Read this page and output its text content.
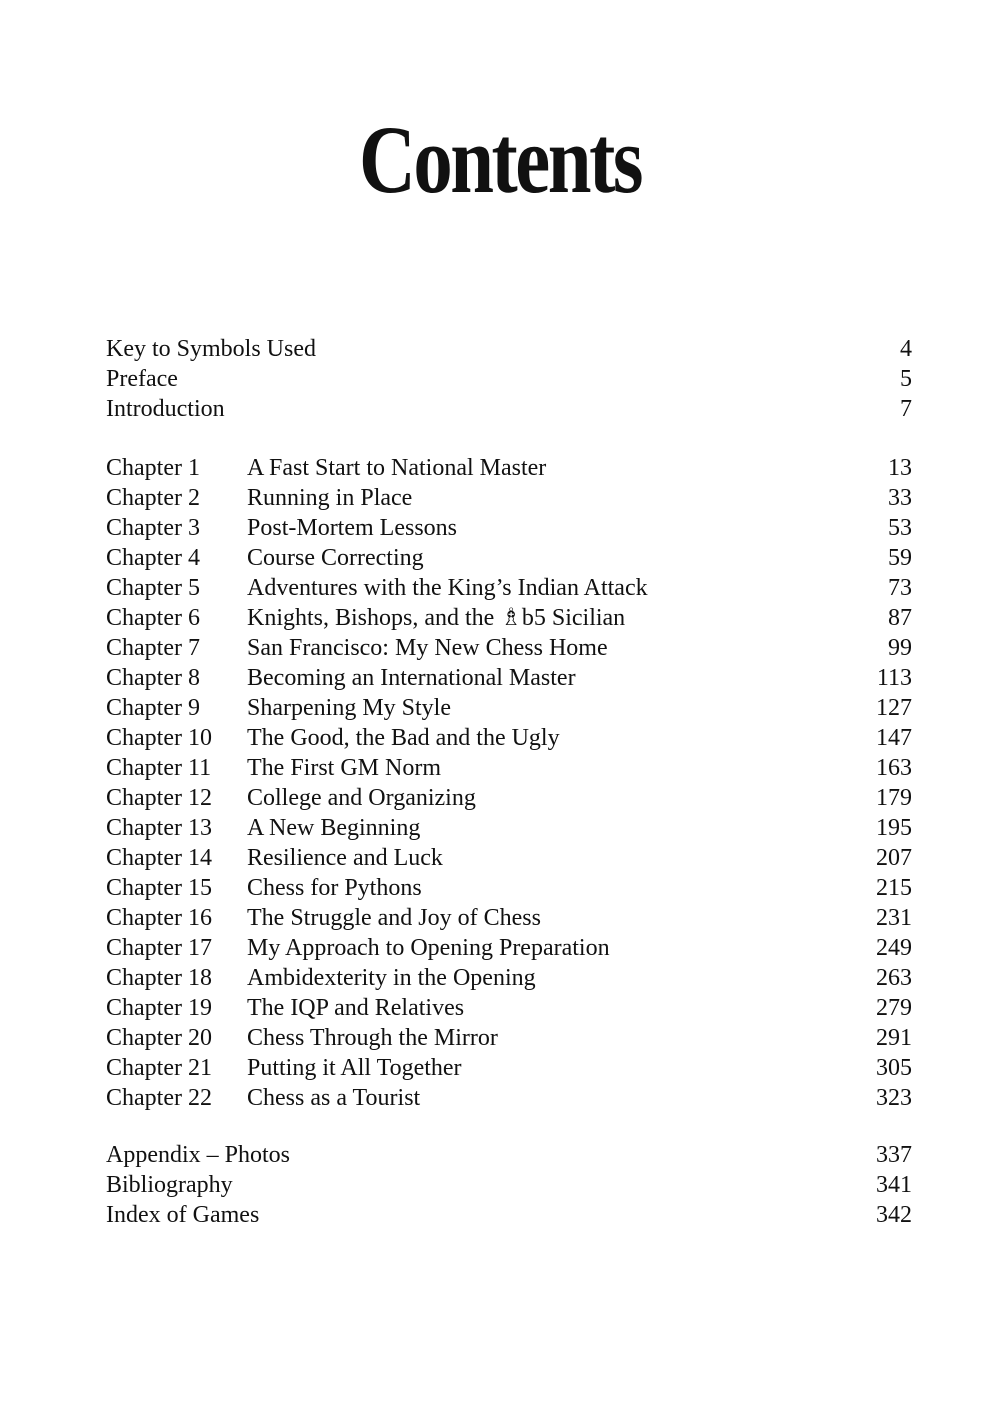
Contents
Key to Symbols Used	4
Preface	5
Introduction	7
Chapter 1 A Fast Start to National Master	13
Chapter 2 Running in Place	33
Chapter 3 Post-Mortem Lessons	53
Chapter 4 Course Correcting	59
Chapter 5 Adventures with the King’s Indian Attack	73
Chapter 6 Knights, Bishops, and the ♗b5 Sicilian	87
Chapter 7 San Francisco: My New Chess Home	99
Chapter 8 Becoming an International Master	113
Chapter 9 Sharpening My Style	127
Chapter 10 The Good, the Bad and the Ugly	147
Chapter 11 The First GM Norm	163
Chapter 12 College and Organizing	179
Chapter 13 A New Beginning	195
Chapter 14 Resilience and Luck	207
Chapter 15 Chess for Pythons	215
Chapter 16 The Struggle and Joy of Chess	231
Chapter 17 My Approach to Opening Preparation	249
Chapter 18 Ambidexterity in the Opening	263
Chapter 19 The IQP and Relatives	279
Chapter 20 Chess Through the Mirror	291
Chapter 21 Putting it All Together	305
Chapter 22 Chess as a Tourist	323
Appendix – Photos	337
Bibliography	341
Index of Games	342
